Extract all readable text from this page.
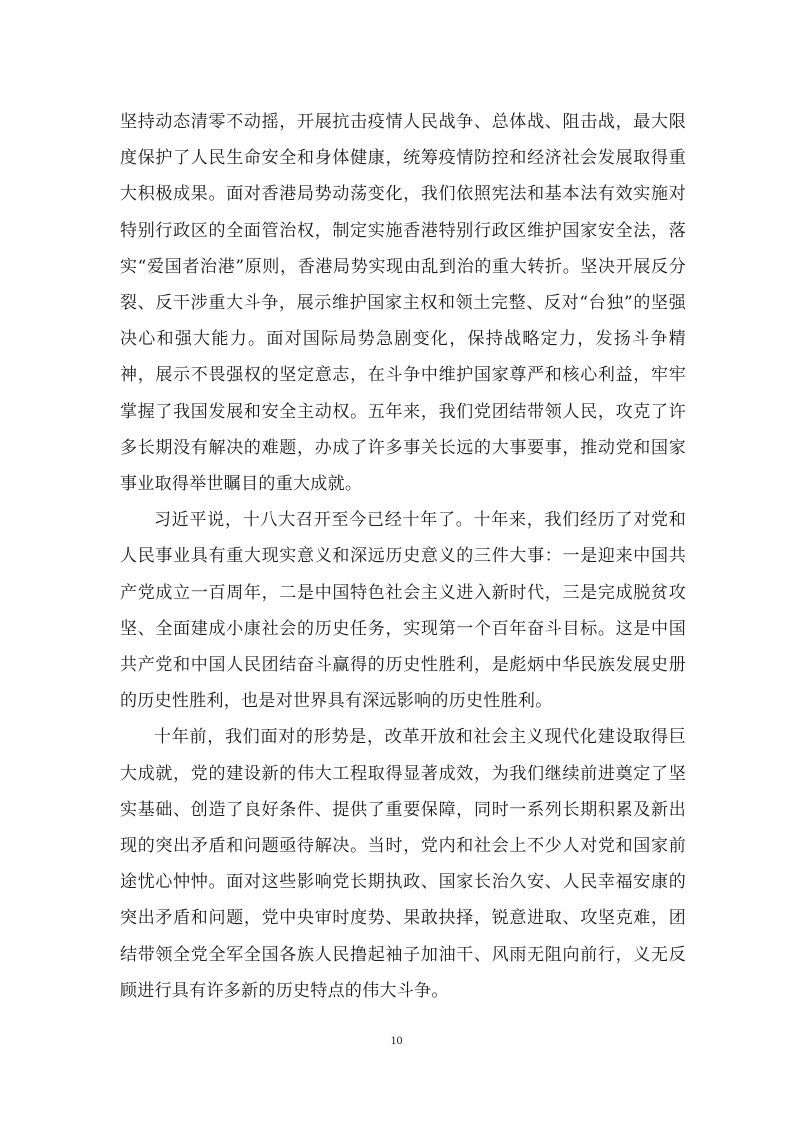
坚持动态清零不动摇，开展抗击疫情人民战争、总体战、阻击战，最大限度保护了人民生命安全和身体健康，统筹疫情防控和经济社会发展取得重大积极成果。面对香港局势动荡变化，我们依照宪法和基本法有效实施对特别行政区的全面管治权，制定实施香港特别行政区维护国家安全法，落实“爱国者治港”原则，香港局势实现由乱到治的重大转折。坚决开展反分裂、反干涉重大斗争，展示维护国家主权和领土完整、反对“台独”的坚强决心和强大能力。面对国际局势急剧变化，保持战略定力，发扬斗争精神，展示不畏强权的坚定意志，在斗争中维护国家尊严和核心利益，牢牢掌握了我国发展和安全主动权。五年来，我们党团结带领人民，攻克了许多长期没有解决的难题，办成了许多事关长远的大事要事，推动党和国家事业取得举世瞩目的重大成就。

习近平说，十八大召开至今已经十年了。十年来，我们经历了对党和人民事业具有重大现实意义和深远历史意义的三件大事：一是迎来中国共产党成立一百周年，二是中国特色社会主义进入新时代，三是完成脱贫攻坚、全面建成小康社会的历史任务，实现第一个百年奋斗目标。这是中国共产党和中国人民团结奋斗赢得的历史性胜利，是彪炳中华民族发展史册的历史性胜利，也是对世界具有深远影响的历史性胜利。

十年前，我们面对的形势是，改革开放和社会主义现代化建设取得巨大成就，党的建设新的伟大工程取得显著成效，为我们继续前进奠定了坚实基础、创造了良好条件、提供了重要保障，同时一系列长期积累及新出现的突出矛盾和问题亟待解决。当时，党内和社会上不少人对党和国家前途忧心忡忡。面对这些影响党长期执政、国家长治久安、人民幸福安康的突出矛盾和问题，党中央审时度势、果敢抉择，锐意进取、攻坚克难，团结带领全党全军全国各族人民撸起袖子加油干、风雨无阻向前行，义无反顾进行具有许多新的历史特点的伟大斗争。

10
